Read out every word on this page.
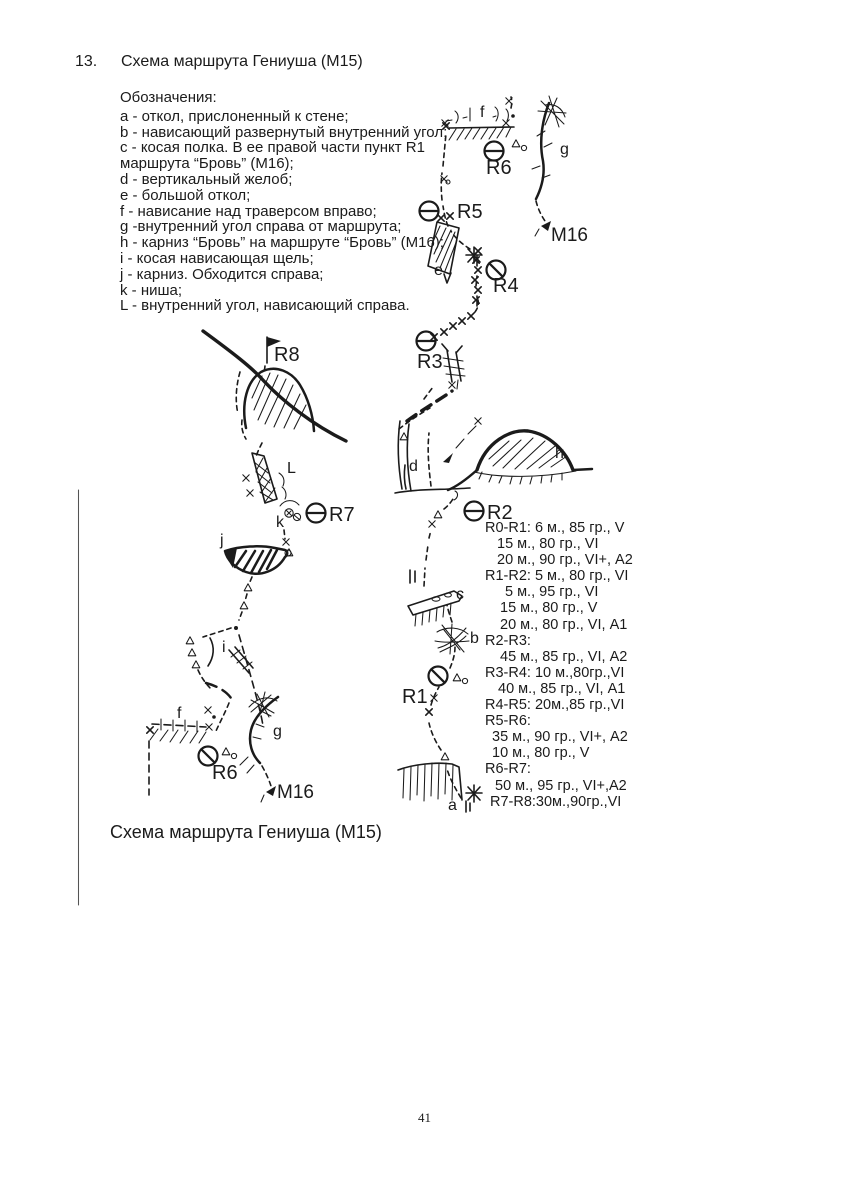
13. Схема маршрута Гениуша (М15)
Обозначения:
а - откол, прислоненный к стене;
b - нависающий развернутый внутренний угол;
c - косая полка. В ее правой части пункт R1
маршрута “Бровь” (М16);
d - вертикальный желоб;
e - большой откол;
f - нависание над траверсом вправо;
g -внутренний угол справа от маршрута;
h - карниз “Бровь” на маршруте “Бровь” (М16);
i - косая нависающая щель;
j - карниз. Обходится справа;
k - ниша;
L - внутренний угол, нависающий справа.
R0-R1: 6 м., 85 гр., V
15 м., 80 гр., VI
20 м., 90 гр., VI+, А2
R1-R2: 5 м., 80 гр., VI
5 м., 95 гр., VI
15 м., 80 гр., V
20 м., 80 гр., VI, А1
R2-R3:
45 м., 85 гр., VI, А2
R3-R4: 10 м.,80гр.,VI
40 м., 85 гр., VI, А1
R4-R5: 20м.,85 гр.,VI
R5-R6:
35 м., 90 гр., VI+, А2
10 м., 80 гр., V
R6-R7:
50 м., 95 гр., VI+,А2
R7-R8:30м.,90гр.,VI
Схема маршрута Гениуша (М15)
41
a
R1
b
c
R2
d
h
R3
R4
e
R5
f
R6
g
М16
R8
L
k R7
j
i
f
R6
g
М16
